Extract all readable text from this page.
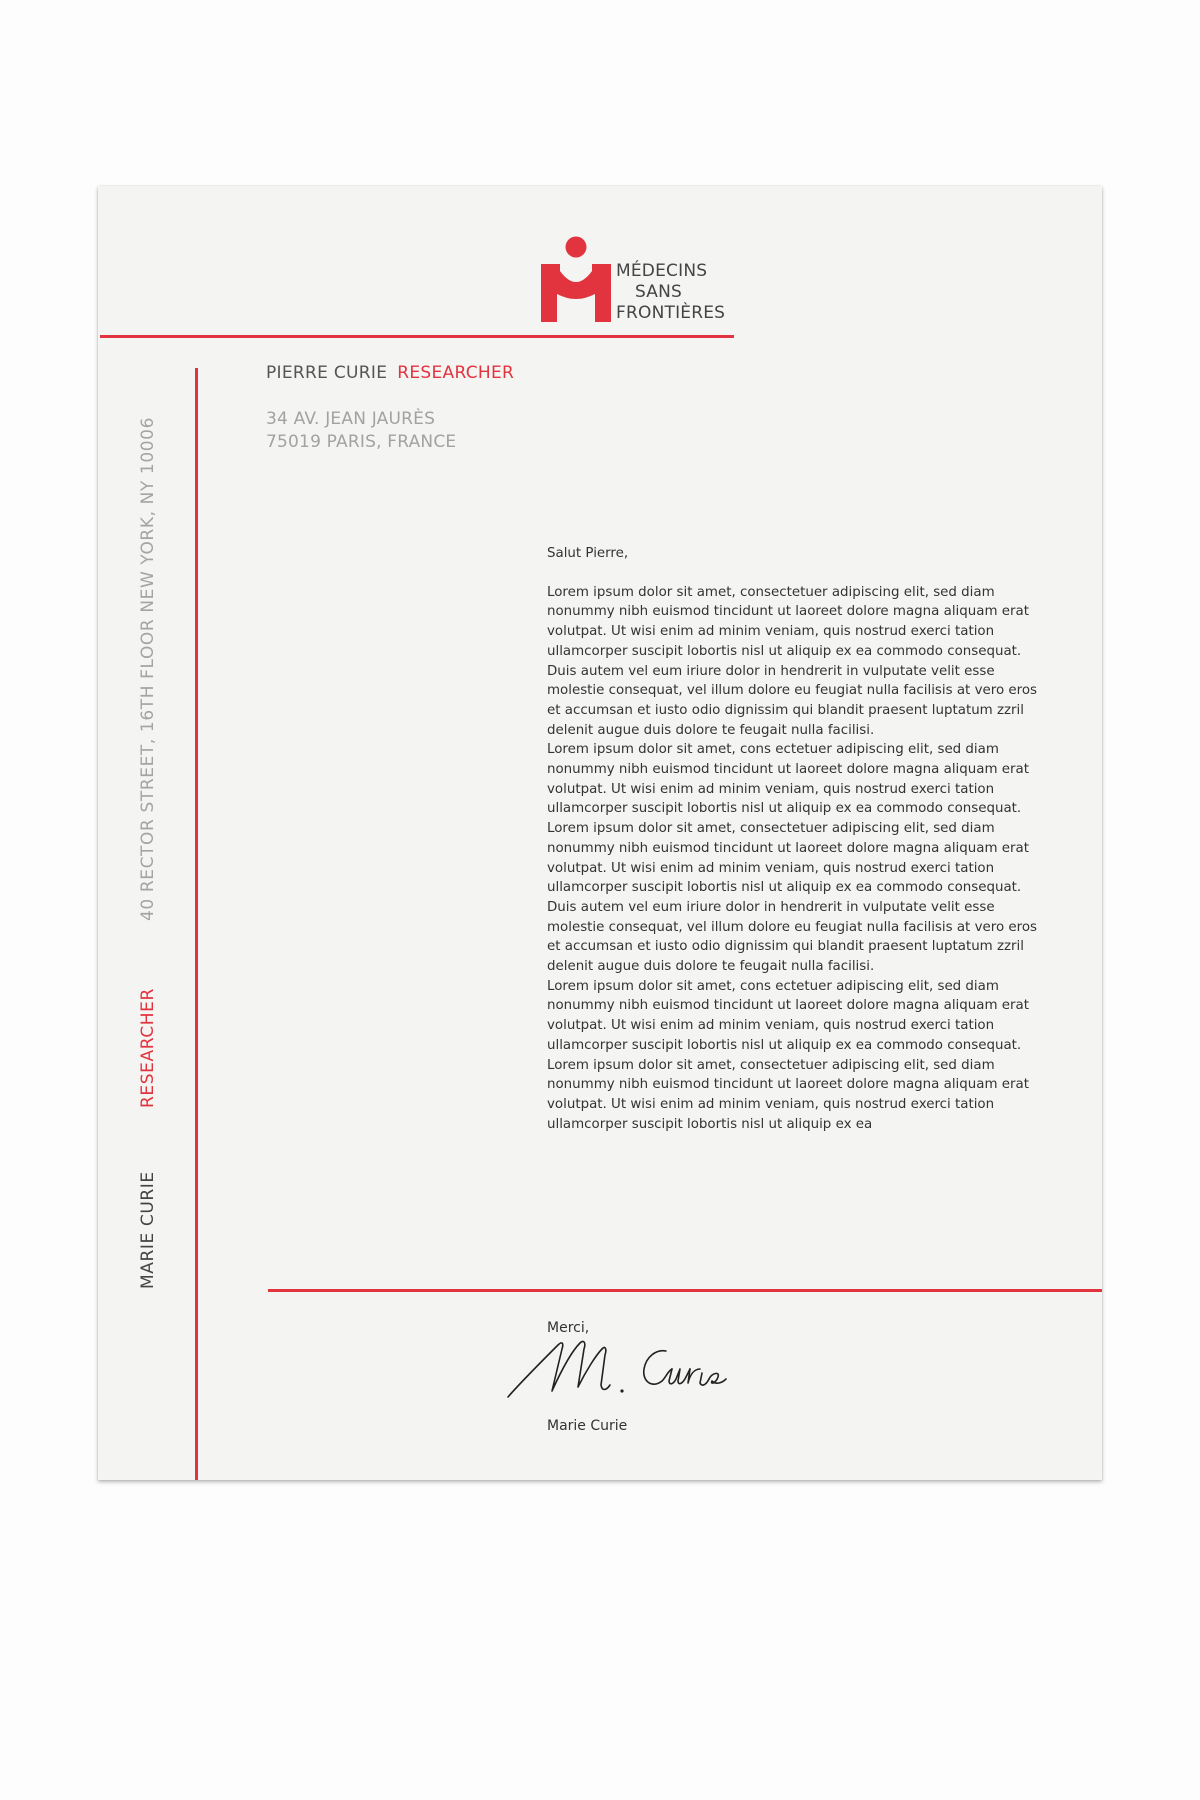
MÉDECINS
SANS
FRONTIÈRES
MARIE CURIE
RESEARCHER
40 RECTOR STREET, 16TH FLOOR NEW YORK, NY 10006
PIERRE CURIE RESEARCHER
34 AV. JEAN JAURÈS
75019 PARIS, FRANCE

Salut Pierre,

Lorem ipsum dolor sit amet, consectetuer adipiscing elit, sed diam nonummy nibh euismod tincidunt ut laoreet dolore magna aliquam erat volutpat. Ut wisi enim ad minim veniam, quis nostrud exerci tation ullamcorper suscipit lobortis nisl ut aliquip ex ea commodo consequat. Duis autem vel eum iriure dolor in hendrerit in vulputate velit esse molestie consequat, vel illum dolore eu feugiat nulla facilisis at vero eros et accumsan et iusto odio dignissim qui blandit praesent luptatum zzril delenit augue duis dolore te feugait nulla facilisi.

Lorem ipsum dolor sit amet, cons ectetuer adipiscing elit, sed diam nonummy nibh euismod tincidunt ut laoreet dolore magna aliquam erat volutpat. Ut wisi enim ad minim veniam, quis nostrud exerci tation ullamcorper suscipit lobortis nisl ut aliquip ex ea commodo consequat.

Lorem ipsum dolor sit amet, consectetuer adipiscing elit, sed diam nonummy nibh euismod tincidunt ut laoreet dolore magna aliquam erat volutpat. Ut wisi enim ad minim veniam, quis nostrud exerci tation ullamcorper suscipit lobortis nisl ut aliquip ex ea commodo consequat. Duis autem vel eum iriure dolor in hendrerit in vulputate velit esse molestie consequat, vel illum dolore eu feugiat nulla facilisis at vero eros et accumsan et iusto odio dignissim qui blandit praesent luptatum zzril delenit augue duis dolore te feugait nulla facilisi.

Lorem ipsum dolor sit amet, cons ectetuer adipiscing elit, sed diam nonummy nibh euismod tincidunt ut laoreet dolore magna aliquam erat volutpat. Ut wisi enim ad minim veniam, quis nostrud exerci tation ullamcorper suscipit lobortis nisl ut aliquip ex ea commodo consequat.

Lorem ipsum dolor sit amet, consectetuer adipiscing elit, sed diam nonummy nibh euismod tincidunt ut laoreet dolore magna aliquam erat volutpat. Ut wisi enim ad minim veniam, quis nostrud exerci tation ullamcorper suscipit lobortis nisl ut aliquip ex ea

Merci,
Marie Curie
